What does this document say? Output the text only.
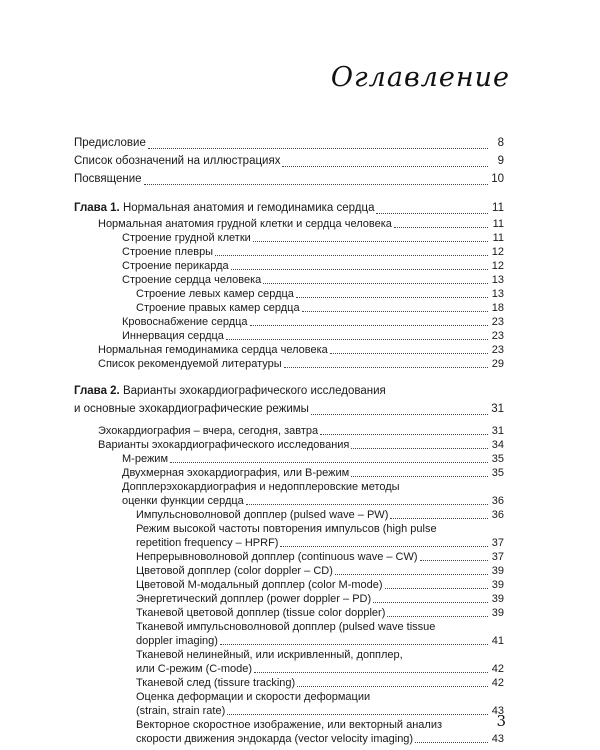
Оглавление
Предисловие	8
Список обозначений на иллюстрациях	9
Посвящение	10
Глава 1. Нормальная анатомия и гемодинамика сердца	11
Нормальная анатомия грудной клетки и сердца человека	11
Строение грудной клетки	11
Строение плевры	12
Строение перикарда	12
Строение сердца человека	13
Строение левых камер сердца	13
Строение правых камер сердца	18
Кровоснабжение сердца	23
Иннервация сердца	23
Нормальная гемодинамика сердца человека	23
Список рекомендуемой литературы	29
Глава 2. Варианты эхокардиографического исследования
и основные эхокардиографические режимы	31
Эхокардиография – вчера, сегодня, завтра	31
Варианты эхокардиографического исследования	34
М-режим	35
Двухмерная эхокардиография, или В-режим	35
Допплерэхокардиография и недопплеровские методы
оценки функции сердца	36
Импульсноволновой допплер (pulsed wave – PW)	36
Режим высокой частоты повторения импульсов (high pulse
repetition frequency – HPRF)	37
Непрерывноволновой допплер (continuous wave – CW)	37
Цветовой допплер (color doppler – CD)	39
Цветовой М-модальный допплер (color M-mode)	39
Энергетический допплер (power doppler – PD)	39
Тканевой цветовой допплер (tissue color doppler)	39
Тканевой импульсноволновой допплер (pulsed wave tissue
doppler imaging)	41
Тканевой нелинейный, или искривленный, допплер,
или С-режим (C-mode)	42
Тканевой след (tissure tracking)	42
Оценка деформации и скорости деформации
(strain, strain rate)	43
Векторное скоростное изображение, или векторный анализ
скорости движения эндокарда (vector velocity imaging)	43
3
